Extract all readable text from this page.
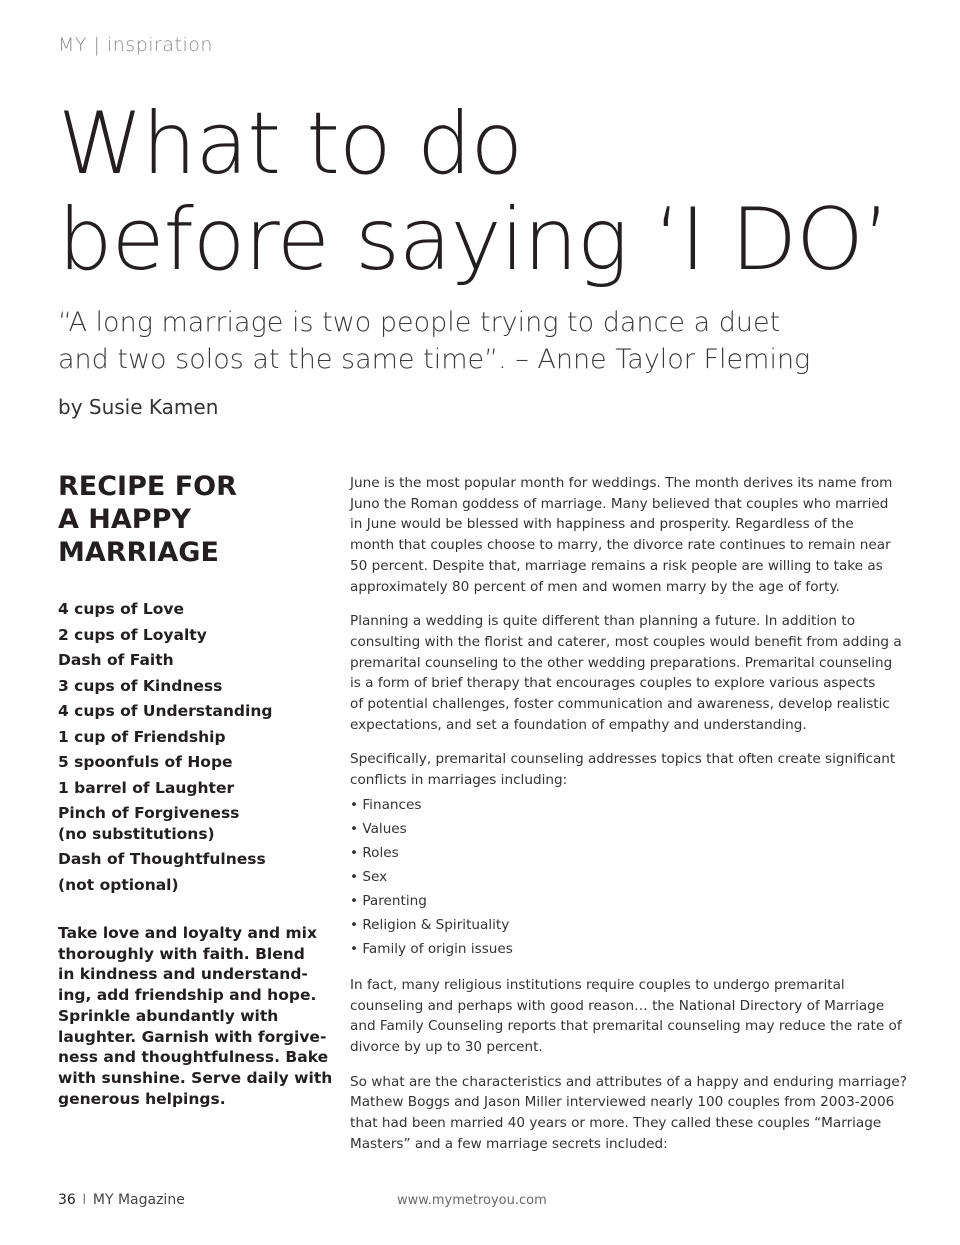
MY | inspiration
What to do
before saying ‘I DO’
“A long marriage is two people trying to dance a duet
and two solos at the same time”. – Anne Taylor Fleming
by Susie Kamen
RECIPE FOR
A HAPPY
MARRIAGE
4 cups of Love
2 cups of Loyalty
Dash of Faith
3 cups of Kindness
4 cups of Understanding
1 cup of Friendship
5 spoonfuls of Hope
1 barrel of Laughter
Pinch of Forgiveness
(no substitutions)
Dash of Thoughtfulness
(not optional)

Take love and loyalty and mix
thoroughly with faith. Blend
in kindness and understand-
ing, add friendship and hope.
Sprinkle abundantly with
laughter. Garnish with forgive-
ness and thoughtfulness. Bake
with sunshine. Serve daily with
generous helpings.

June is the most popular month for weddings. The month derives its name from
Juno the Roman goddess of marriage. Many believed that couples who married
in June would be blessed with happiness and prosperity. Regardless of the
month that couples choose to marry, the divorce rate continues to remain near
50 percent. Despite that, marriage remains a risk people are willing to take as
approximately 80 percent of men and women marry by the age of forty.

Planning a wedding is quite different than planning a future. In addition to
consulting with the florist and caterer, most couples would benefit from adding a
premarital counseling to the other wedding preparations. Premarital counseling
is a form of brief therapy that encourages couples to explore various aspects
of potential challenges, foster communication and awareness, develop realistic
expectations, and set a foundation of empathy and understanding.

Specifically, premarital counseling addresses topics that often create significant
conflicts in marriages including:

• Finances
• Values
• Roles
• Sex
• Parenting
• Religion & Spirituality
• Family of origin issues

In fact, many religious institutions require couples to undergo premarital
counseling and perhaps with good reason… the National Directory of Marriage
and Family Counseling reports that premarital counseling may reduce the rate of
divorce by up to 30 percent.

So what are the characteristics and attributes of a happy and enduring marriage?
Mathew Boggs and Jason Miller interviewed nearly 100 couples from 2003-2006
that had been married 40 years or more. They called these couples “Marriage
Masters” and a few marriage secrets included:

36 I MY Magazine	www.mymetroyou.com
